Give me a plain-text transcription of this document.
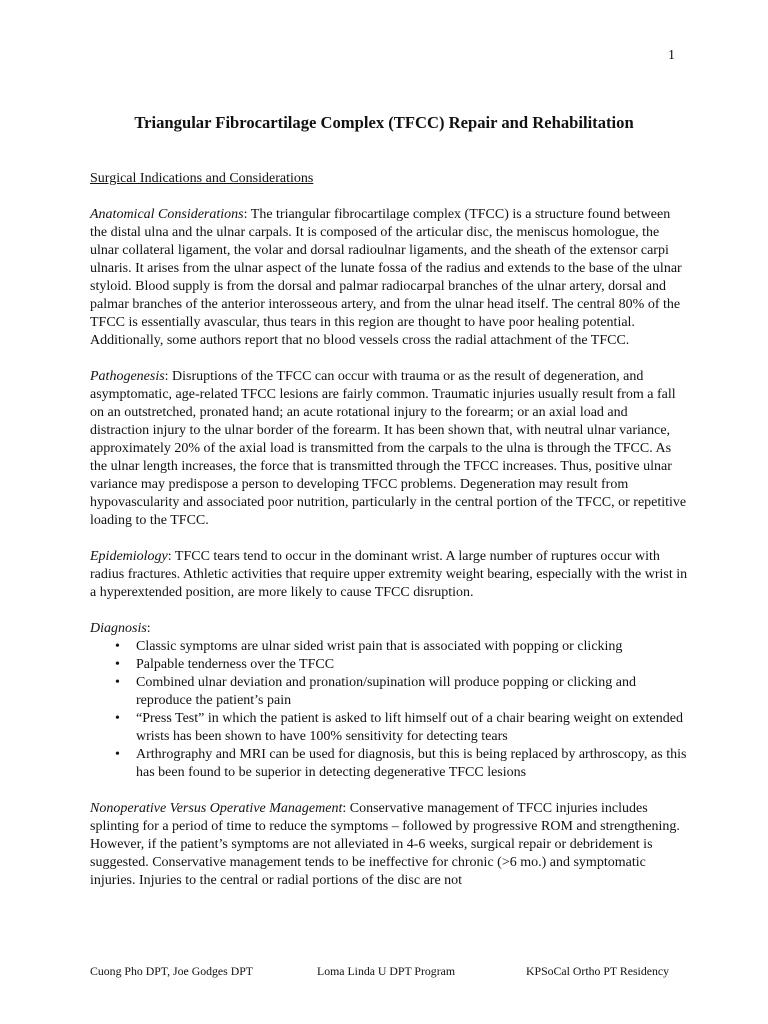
1
Triangular Fibrocartilage Complex (TFCC) Repair and Rehabilitation
Surgical Indications and Considerations

Anatomical Considerations: The triangular fibrocartilage complex (TFCC) is a structure found between the distal ulna and the ulnar carpals. It is composed of the articular disc, the meniscus homologue, the ulnar collateral ligament, the volar and dorsal radioulnar ligaments, and the sheath of the extensor carpi ulnaris. It arises from the ulnar aspect of the lunate fossa of the radius and extends to the base of the ulnar styloid. Blood supply is from the dorsal and palmar radiocarpal branches of the ulnar artery, dorsal and palmar branches of the anterior interosseous artery, and from the ulnar head itself. The central 80% of the TFCC is essentially avascular, thus tears in this region are thought to have poor healing potential. Additionally, some authors report that no blood vessels cross the radial attachment of the TFCC.

Pathogenesis: Disruptions of the TFCC can occur with trauma or as the result of degeneration, and asymptomatic, age-related TFCC lesions are fairly common. Traumatic injuries usually result from a fall on an outstretched, pronated hand; an acute rotational injury to the forearm; or an axial load and distraction injury to the ulnar border of the forearm. It has been shown that, with neutral ulnar variance, approximately 20% of the axial load is transmitted from the carpals to the ulna is through the TFCC. As the ulnar length increases, the force that is transmitted through the TFCC increases. Thus, positive ulnar variance may predispose a person to developing TFCC problems. Degeneration may result from hypovascularity and associated poor nutrition, particularly in the central portion of the TFCC, or repetitive loading to the TFCC.

Epidemiology: TFCC tears tend to occur in the dominant wrist. A large number of ruptures occur with radius fractures. Athletic activities that require upper extremity weight bearing, especially with the wrist in a hyperextended position, are more likely to cause TFCC disruption.

Diagnosis:
• Classic symptoms are ulnar sided wrist pain that is associated with popping or clicking
• Palpable tenderness over the TFCC
• Combined ulnar deviation and pronation/supination will produce popping or clicking and reproduce the patient’s pain
• “Press Test” in which the patient is asked to lift himself out of a chair bearing weight on extended wrists has been shown to have 100% sensitivity for detecting tears
• Arthrography and MRI can be used for diagnosis, but this is being replaced by arthroscopy, as this has been found to be superior in detecting degenerative TFCC lesions

Nonoperative Versus Operative Management: Conservative management of TFCC injuries includes splinting for a period of time to reduce the symptoms – followed by progressive ROM and strengthening. However, if the patient’s symptoms are not alleviated in 4-6 weeks, surgical repair or debridement is suggested. Conservative management tends to be ineffective for chronic (>6 mo.) and symptomatic injuries. Injuries to the central or radial portions of the disc are not

Cuong Pho DPT, Joe Godges DPT	Loma Linda U DPT Program	KPSoCal Ortho PT Residency
